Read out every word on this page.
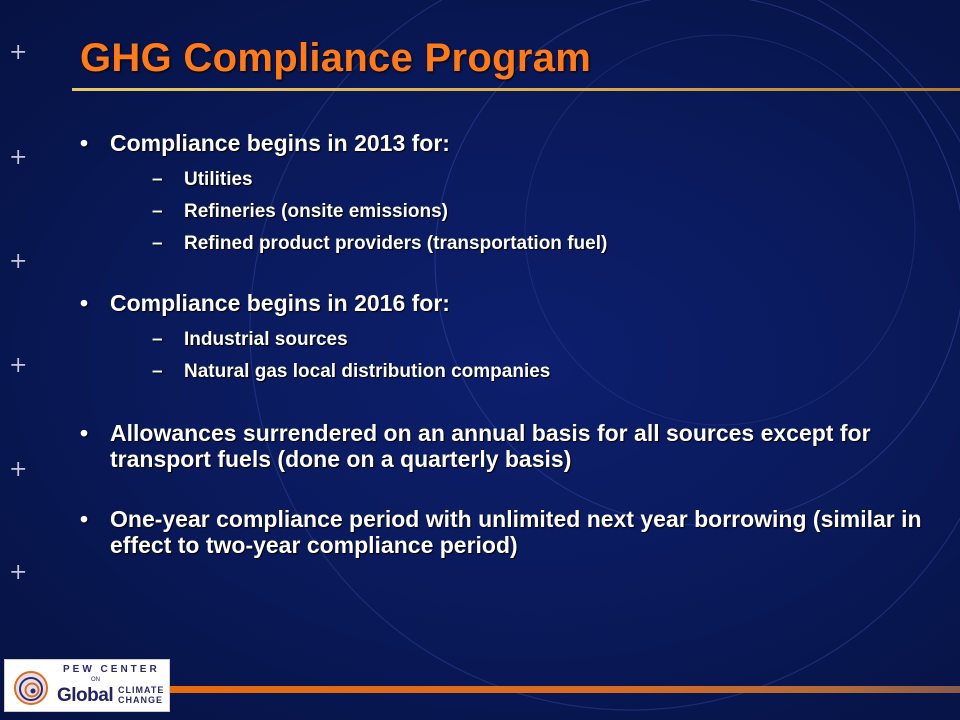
+
+
+
+
+
+
GHG Compliance Program
• Compliance begins in 2013 for:
– Utilities
– Refineries (onsite emissions)
– Refined product providers (transportation fuel)
• Compliance begins in 2016 for:
– Industrial sources
– Natural gas local distribution companies
• Allowances surrendered on an annual basis for all sources except for transport fuels (done on a quarterly basis)
• One-year compliance period with unlimited next year borrowing (similar in effect to two-year compliance period)
PEW CENTER
ON
Global CLIMATE
CHANGE
